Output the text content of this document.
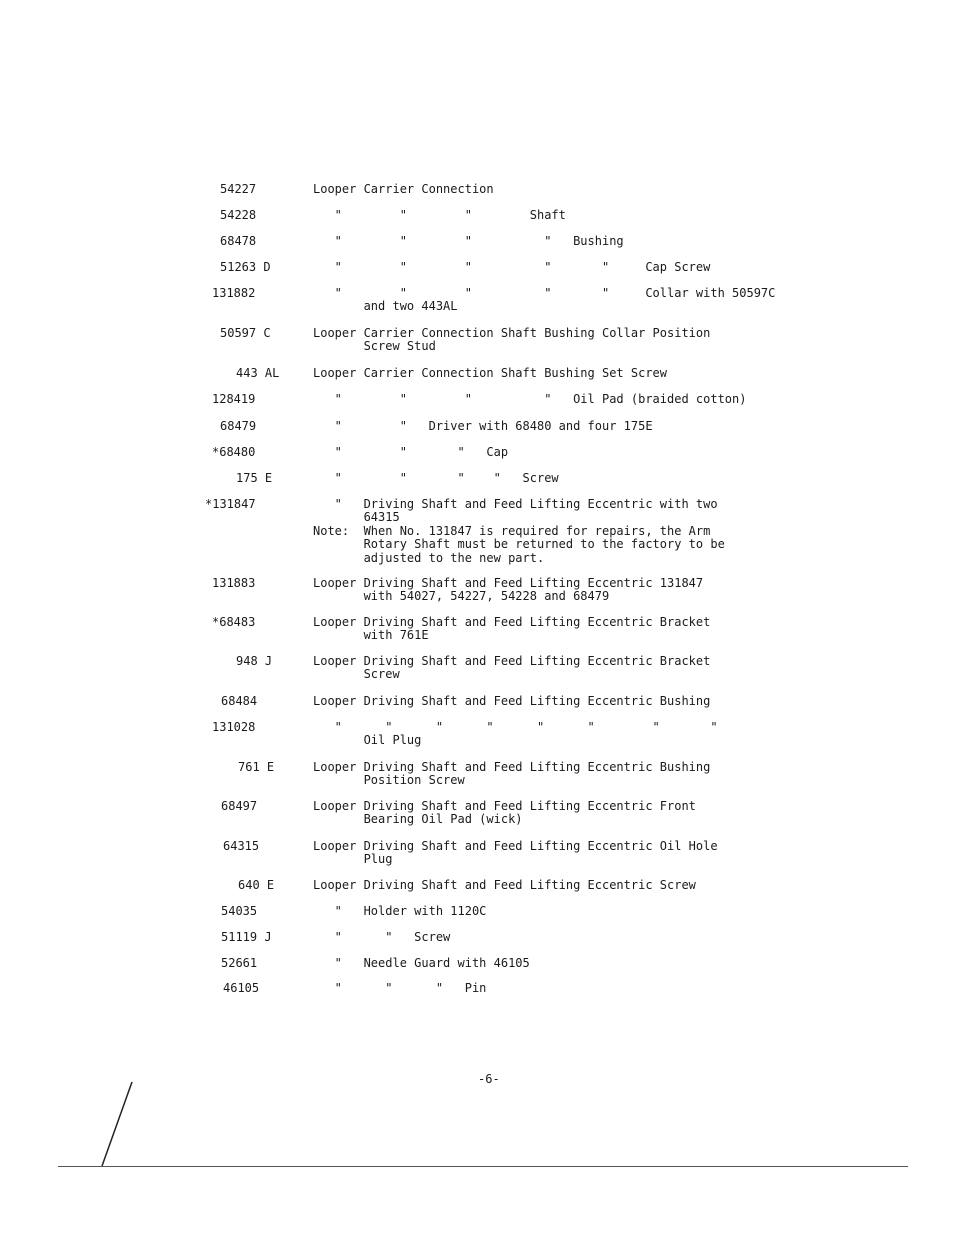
54227	Looper Carrier Connection
54228	"        "        "        Shaft
68478	"        "        "          "   Bushing
51263 D	"        "        "          "       "     Cap Screw
131882	"        "        "          "       "     Collar with 50597C
and two 443AL
50597 C	Looper Carrier Connection Shaft Bushing Collar Position
Screw Stud
443 AL	Looper Carrier Connection Shaft Bushing Set Screw
128419	"        "        "          "   Oil Pad (braided cotton)
68479	"        "   Driver with 68480 and four 175E
*68480	"        "       "   Cap
175 E	"        "       "    "   Screw
*131847	"   Driving Shaft and Feed Lifting Eccentric with two
64315
Note:  When No. 131847 is required for repairs, the Arm
Rotary Shaft must be returned to the factory to be
adjusted to the new part.
131883	Looper Driving Shaft and Feed Lifting Eccentric 131847
with 54027, 54227, 54228 and 68479
*68483	Looper Driving Shaft and Feed Lifting Eccentric Bracket
with 761E
948 J	Looper Driving Shaft and Feed Lifting Eccentric Bracket
Screw
68484	Looper Driving Shaft and Feed Lifting Eccentric Bushing
131028	"      "      "      "      "      "        "       "
Oil Plug
761 E	Looper Driving Shaft and Feed Lifting Eccentric Bushing
Position Screw
68497	Looper Driving Shaft and Feed Lifting Eccentric Front
Bearing Oil Pad (wick)
64315	Looper Driving Shaft and Feed Lifting Eccentric Oil Hole
Plug
640 E	Looper Driving Shaft and Feed Lifting Eccentric Screw
54035	"   Holder with 1120C
51119 J	"      "   Screw
52661	"   Needle Guard with 46105
46105	"      "      "   Pin
-6-
